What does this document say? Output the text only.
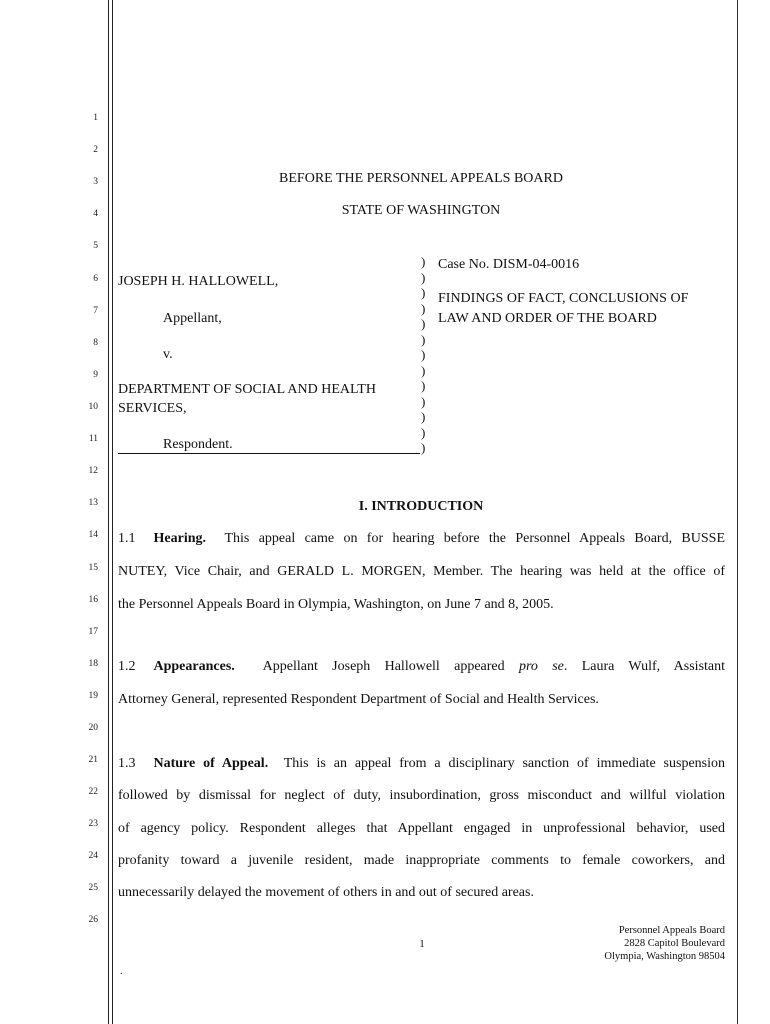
1
2
3
4
5
6
7
8
9
10
11
12
13
14
15
16
17
18
19
20
21
22
23
24
25
26
BEFORE THE PERSONNEL APPEALS BOARD
STATE OF WASHINGTON
JOSEPH H. HALLOWELL,
Appellant,
v.
DEPARTMENT OF SOCIAL AND HEALTH
SERVICES,
Respondent.
)
)
)
)
)
)
)
)
)
)
)
)
)
Case No. DISM-04-0016
FINDINGS OF FACT, CONCLUSIONS OF
LAW AND ORDER OF THE BOARD
I. INTRODUCTION
1.1 Hearing. This appeal came on for hearing before the Personnel Appeals Board, BUSSE
NUTEY, Vice Chair, and GERALD L. MORGEN, Member. The hearing was held at the office of
the Personnel Appeals Board in Olympia, Washington, on June 7 and 8, 2005.
1.2 Appearances. Appellant Joseph Hallowell appeared pro se. Laura Wulf, Assistant
Attorney General, represented Respondent Department of Social and Health Services.
1.3 Nature of Appeal. This is an appeal from a disciplinary sanction of immediate suspension
followed by dismissal for neglect of duty, insubordination, gross misconduct and willful violation
of agency policy. Respondent alleges that Appellant engaged in unprofessional behavior, used
profanity toward a juvenile resident, made inappropriate comments to female coworkers, and
unnecessarily delayed the movement of others in and out of secured areas.
1
Personnel Appeals Board
2828 Capitol Boulevard
Olympia, Washington 98504
.
